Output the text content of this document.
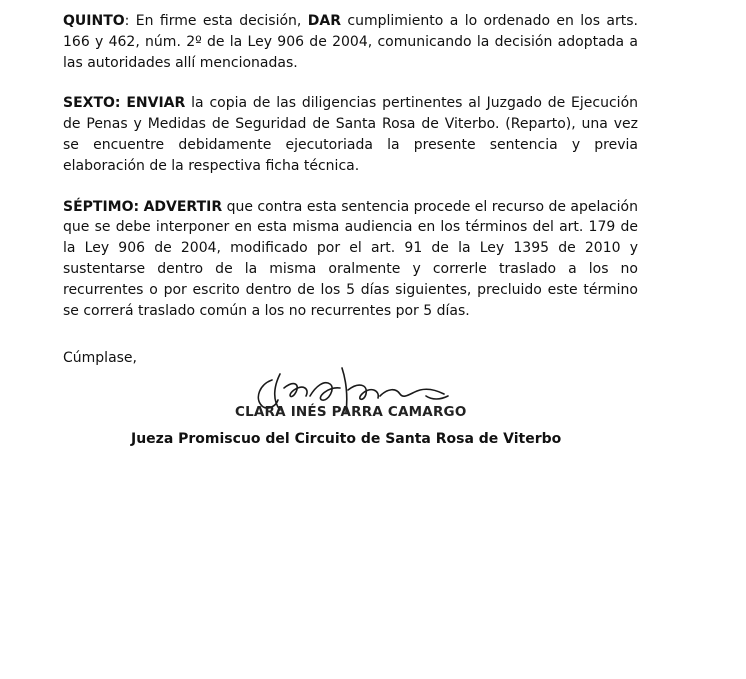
QUINTO: En firme esta decisión, DAR cumplimiento a lo ordenado en los arts. 166 y 462, núm. 2º de la Ley 906 de 2004, comunicando la decisión adoptada a las autoridades allí mencionadas.

SEXTO: ENVIAR la copia de las diligencias pertinentes al Juzgado de Ejecución de Penas y Medidas de Seguridad de Santa Rosa de Viterbo. (Reparto), una vez se encuentre debidamente ejecutoriada la presente sentencia y previa elaboración de la respectiva ficha técnica.

SÉPTIMO: ADVERTIR que contra esta sentencia procede el recurso de apelación que se debe interponer en esta misma audiencia en los términos del art. 179 de la Ley 906 de 2004, modificado por el art. 91 de la Ley 1395 de 2010 y sustentarse dentro de la misma oralmente y correrle traslado a los no recurrentes o por escrito dentro de los 5 días siguientes, precluido este término se correrá traslado común a los no recurrentes por 5 días.

Cúmplase,

CLARA INÉS PARRA CAMARGO
Jueza Promiscuo del Circuito de Santa Rosa de Viterbo
